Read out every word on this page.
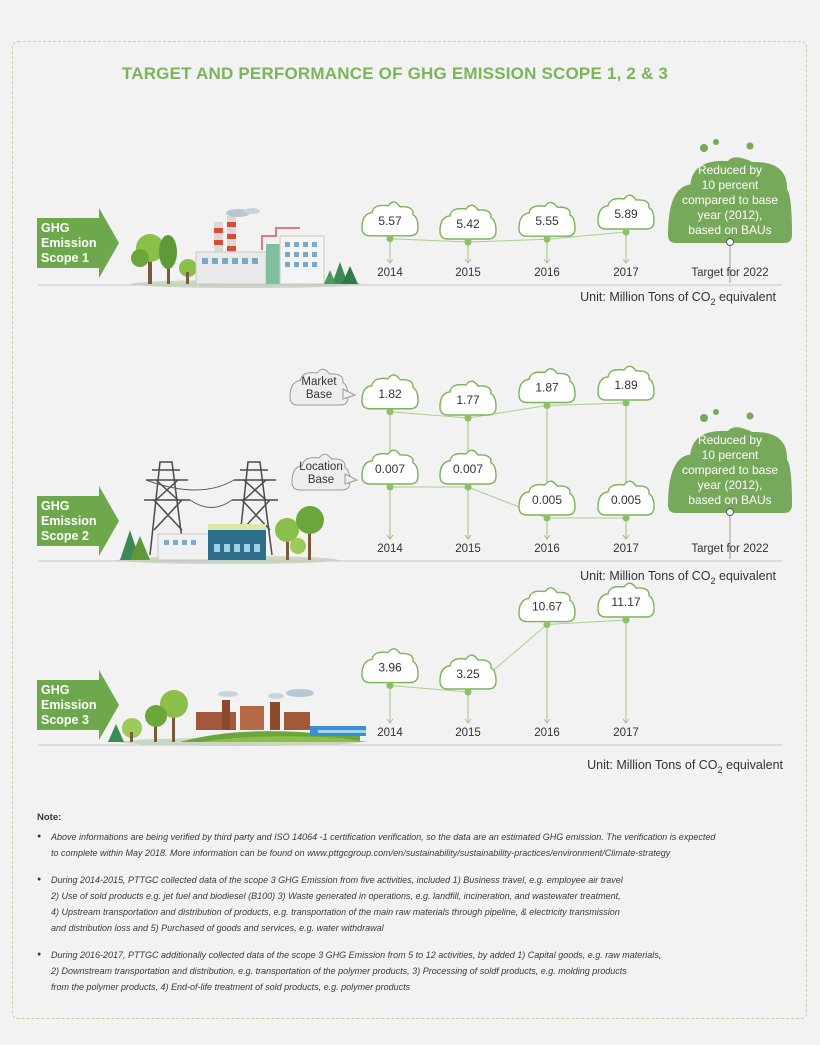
TARGET AND PERFORMANCE OF GHG EMISSION SCOPE 1, 2 & 3
GHG
Emission
Scope 1
2014	2015	2016	2017
5.57	5.42	5.55
5.89
Reduced by
10 percent
compared to base
year (2012),
based on BAUs
Target for 2022
Unit: Million Tons of $CO_2$ equivalent
GHG
Emission
Scope 2
2014	2015	2016	2017
1.82	1.77
1.87	1.89
Market
Base
0.007	0.007
0.005	0.005
Location
Base
Reduced by
10 percent
compared to base
year (2012),
based on BAUs
Target for 2022
Unit: Million Tons of $CO_2$ equivalent
GHG
Emission
Scope 3
2014	2015	2016	2017
3.96	3.25
10.67	11.17
Unit: Million Tons of $CO_2$ equivalent
Note:
● Above informations are being verified by third party and ISO 14064 -1 certification verification, so the data are an estimated GHG emission. The verification is expected
to complete within May 2018. More information can be found on www.pttgcgroup.com/en/sustainability/sustainability-practices/environment/Climate-strategy
● During 2014-2015, PTTGC collected data of the scope 3 GHG Emission from five activities, included 1) Business travel, e.g. employee air travel
2) Use of sold products e.g. jet fuel and biodiesel (B100) 3) Waste generated in operations, e.g. landfill, incineration, and wastewater treatment,
4) Upstream transportation and distribution of products, e.g. transportation of the main raw materials through pipeline, & electricity transmission
and distribution loss and 5) Purchased of goods and services, e.g. water withdrawal
● During 2016-2017, PTTGC additionally collected data of the scope 3 GHG Emission from 5 to 12 activities, by added 1) Capital goods, e.g. raw materials,
2) Downstream transportation and distribution, e.g. transportation of the polymer products, 3) Processing of soldf products, e.g. molding products
from the polymer products, 4) End-of-life treatment of sold products, e.g. polymer products
